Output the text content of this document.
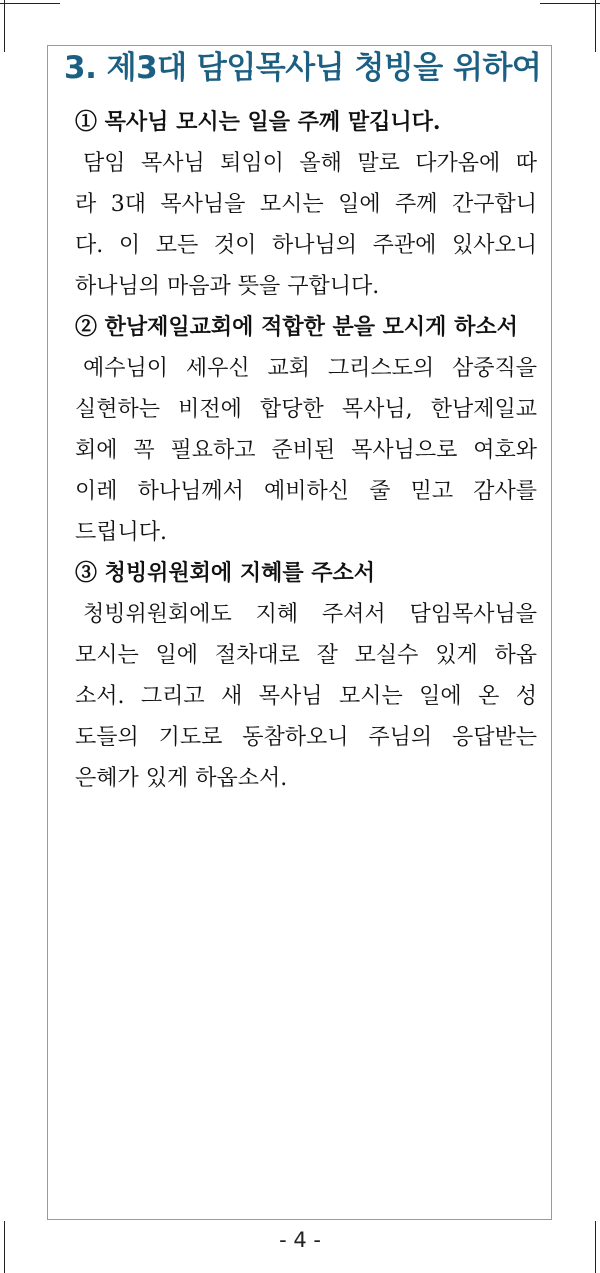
3. 제3대 담임목사님 청빙을 위하여
① 목사님 모시는 일을 주께 맡깁니다.
담임 목사님 퇴임이 올해 말로 다가옴에 따
라 3대 목사님을 모시는 일에 주께 간구합니
다. 이 모든 것이 하나님의 주관에 있사오니
하나님의 마음과 뜻을 구합니다.
② 한남제일교회에 적합한 분을 모시게 하소서
예수님이 세우신 교회 그리스도의 삼중직을
실현하는 비전에 합당한 목사님, 한남제일교
회에 꼭 필요하고 준비된 목사님으로 여호와
이레 하나님께서 예비하신 줄 믿고 감사를
드립니다.
③ 청빙위원회에 지혜를 주소서
청빙위원회에도 지혜 주셔서 담임목사님을
모시는 일에 절차대로 잘 모실수 있게 하옵
소서. 그리고 새 목사님 모시는 일에 온 성
도들의 기도로 동참하오니 주님의 응답받는
은혜가 있게 하옵소서.
- 4 -
